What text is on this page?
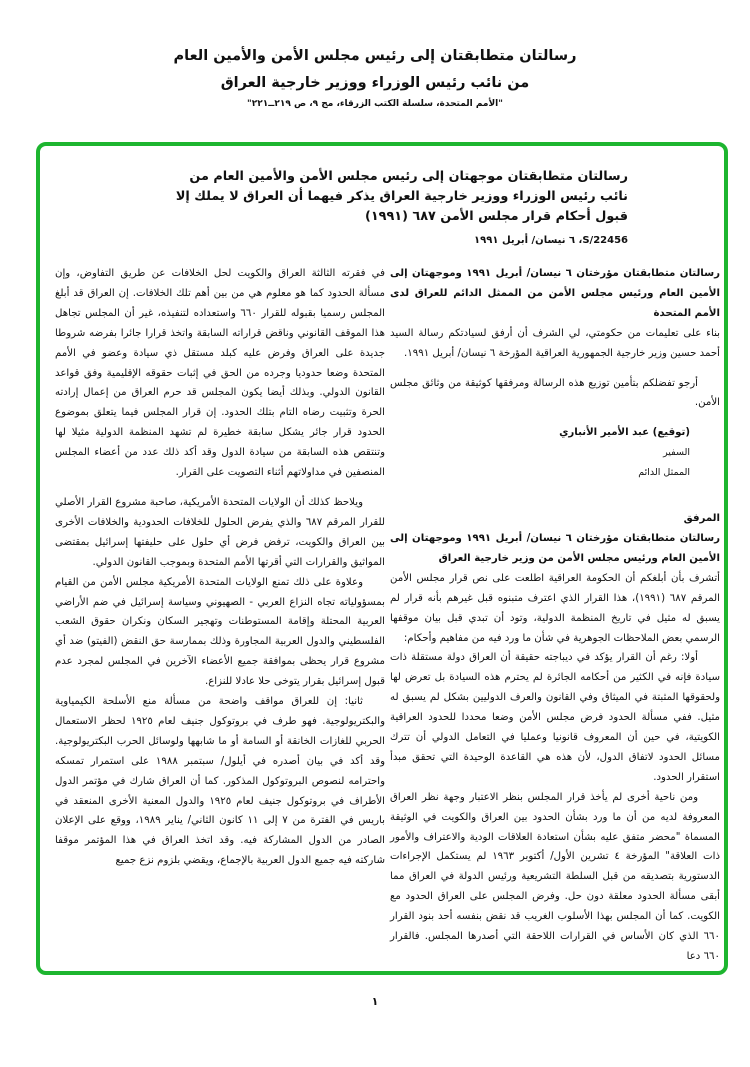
رسالتان متطابقتان إلى رئيس مجلس الأمن والأمين العام
من نائب رئيس الوزراء ووزير خارجية العراق
"الأمم المتحدة، سلسلة الكتب الزرقاء، مج ٩، ص ٢١٩ــ٢٢١"
رسالتان متطابقتان موجهتان إلى رئيس مجلس الأمن والأمين العام من نائب رئيس الوزراء ووزير خارجية العراق يذكر فيهما أن العراق لا يملك إلا قبول أحكام قرار مجلس الأمن ٦٨٧ (١٩٩١)
S/22456، ٦ نيسان/ أبريل ١٩٩١

رسالتان متطابقتان مؤرختان ٦ نيسان/ أبريل ١٩٩١ وموجهتان إلى الأمين العام ورئيس مجلس الأمن من الممثل الدائم للعراق لدى الأمم المتحدة

بناء على تعليمات من حكومتي، لي الشرف أن أرفق لسيادتكم رسالة السيد أحمد حسين وزير خارجية الجمهورية العراقية المؤرخة ٦ نيسان/ أبريل ١٩٩١.

أرجو تفضلكم بتأمين توزيع هذه الرسالة ومرفقها كوثيقة من وثائق مجلس الأمن.

(توقيع) عبد الأمير الأنباري

السفير

الممثل الدائم

المرفق

رسالتان متطابقتان مؤرختان ٦ نيسان/ أبريل ١٩٩١ وموجهتان إلى الأمين العام ورئيس مجلس الأمن من وزير خارجية العراق

أتشرف بأن أبلغكم أن الحكومة العراقية اطلعت على نص قرار مجلس الأمن المرقم ٦٨٧ (١٩٩١)، هذا القرار الذي اعترف متبنوه قبل غيرهم بأنه قرار لم يسبق له مثيل في تاريخ المنظمة الدولية، وتود أن تبدي قبل بيان موقفها الرسمي بعض الملاحظات الجوهرية في شأن ما ورد فيه من مفاهيم وأحكام:

أولا: رغم أن القرار يؤكد في ديباجته حقيقة أن العراق دولة مستقلة ذات سيادة فإنه في الكثير من أحكامه الجائرة لم يحترم هذه السيادة بل تعرض لها ولحقوقها المثبتة في الميثاق وفي القانون والعرف الدوليين بشكل لم يسبق له مثيل. ففي مسألة الحدود فرض مجلس الأمن وضعا محددا للحدود العراقية الكويتية، في حين أن المعروف قانونيا وعمليا في التعامل الدولي أن تترك مسائل الحدود لاتفاق الدول، لأن هذه هي القاعدة الوحيدة التي تحقق مبدأ استقرار الحدود.

ومن ناحية أخرى لم يأخذ قرار المجلس بنظر الاعتبار وجهة نظر العراق المعروفة لديه من أن ما ورد بشأن الحدود بين العراق والكويت في الوثيقة المسماة "محضر متفق عليه بشأن استعادة العلاقات الودية والاعتراف والأمور ذات العلاقة" المؤرخة ٤ تشرين الأول/ أكتوبر ١٩٦٣ لم يستكمل الإجراءات الدستورية بتصديقه من قبل السلطة التشريعية ورئيس الدولة في العراق مما أبقى مسألة الحدود معلقة دون حل. وفرض المجلس على العراق الحدود مع الكويت. كما أن المجلس بهذا الأسلوب الغريب قد نقض بنفسه أحد بنود القرار ٦٦٠ الذي كان الأساس في القرارات اللاحقة التي أصدرها المجلس. فالقرار ٦٦٠ دعا

في فقرته الثالثة العراق والكويت لحل الخلافات عن طريق التفاوض، وإن مسألة الحدود كما هو معلوم هي من بين أهم تلك الخلافات. إن العراق قد أبلغ المجلس رسميا بقبوله للقرار ٦٦٠ واستعداده لتنفيذه، غير أن المجلس تجاهل هذا الموقف القانوني وناقض قراراته السابقة واتخذ قرارا جائرا بفرضه شروطا جديدة على العراق وفرض عليه كبلد مستقل ذي سيادة وعضو في الأمم المتحدة وضعا حدوديا وجرده من الحق في إثبات حقوقه الإقليمية وفق قواعد القانون الدولي. وبذلك أيضا يكون المجلس قد حرم العراق من إعمال إرادته الحرة وتثبيت رضاه التام بتلك الحدود. إن قرار المجلس فيما يتعلق بموضوع الحدود قرار جائر يشكل سابقة خطيرة لم تشهد المنظمة الدولية مثيلا لها وتنتقص هذه السابقة من سيادة الدول وقد أكد ذلك عدد من أعضاء المجلس المنصفين في مداولاتهم أثناء التصويت على القرار.

ويلاحظ كذلك أن الولايات المتحدة الأمريكية، صاحبة مشروع القرار الأصلي للقرار المرقم ٦٨٧ والذي يفرض الحلول للخلافات الحدودية والخلافات الأخرى بين العراق والكويت، ترفض فرض أي حلول على حليفتها إسرائيل بمقتضى المواثيق والقرارات التي أقرتها الأمم المتحدة وبموجب القانون الدولي.

وعلاوة على ذلك تمنع الولايات المتحدة الأمريكية مجلس الأمن من القيام بمسؤولياته تجاه النزاع العربي - الصهيوني وسياسة إسرائيل في ضم الأراضي العربية المحتلة وإقامة المستوطنات وتهجير السكان ونكران حقوق الشعب الفلسطيني والدول العربية المجاورة وذلك بممارسة حق النقض (الفيتو) ضد أي مشروع قرار يحظى بموافقة جميع الأعضاء الآخرين في المجلس لمجرد عدم قبول إسرائيل بقرار يتوخى حلا عادلا للنزاع.

ثانيا: إن للعراق مواقف واضحة من مسألة منع الأسلحة الكيمياوية والبكتريولوجية. فهو طرف في بروتوكول جنيف لعام ١٩٢٥ لحظر الاستعمال الحربي للغازات الخانقة أو السامة أو ما شابهها ولوسائل الحرب البكتريولوجية. وقد أكد في بيان أصدره في أيلول/ سبتمبر ١٩٨٨ على استمرار تمسكه واحترامه لنصوص البروتوكول المذكور. كما أن العراق شارك في مؤتمر الدول الأطراف في بروتوكول جنيف لعام ١٩٢٥ والدول المعنية الأخرى المنعقد في باريس في الفترة من ٧ إلى ١١ كانون الثاني/ يناير ١٩٨٩، ووقع على الإعلان الصادر من الدول المشاركة فيه. وقد اتخذ العراق في هذا المؤتمر موقفا شاركته فيه جميع الدول العربية بالإجماع، ويقضي بلزوم نزع جميع

١
